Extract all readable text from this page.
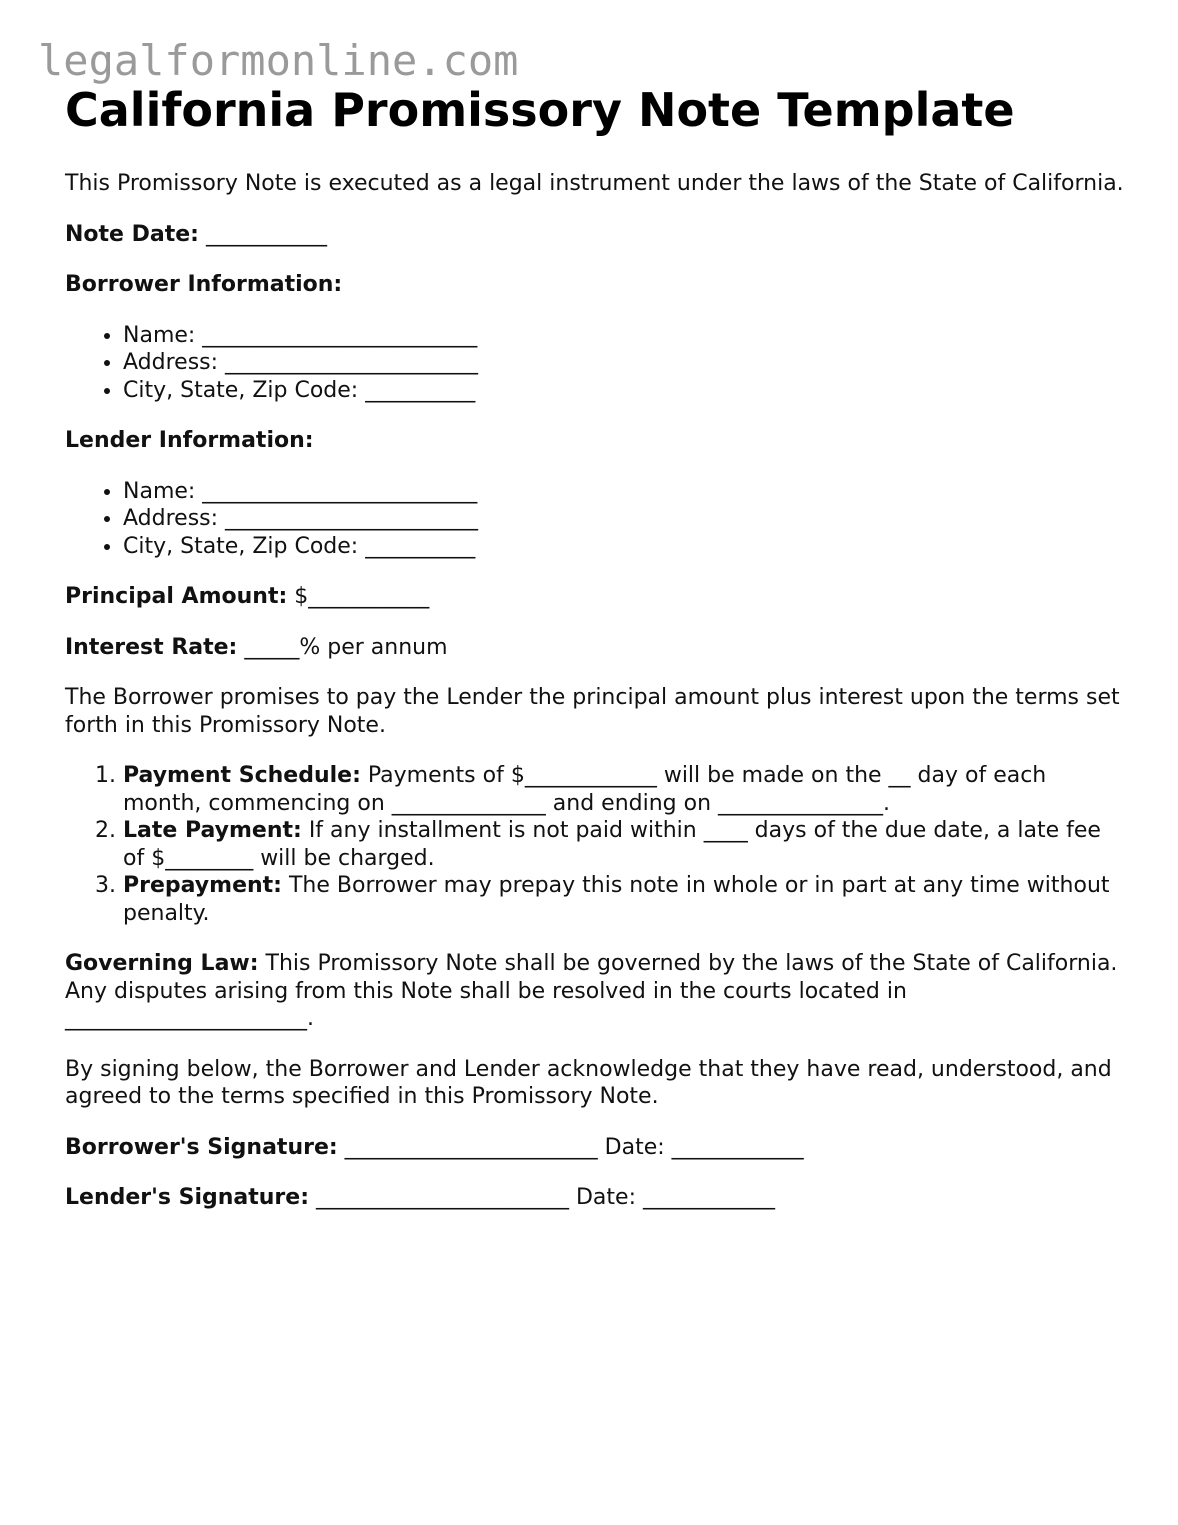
legalformonline.com
California Promissory Note Template

This Promissory Note is executed as a legal instrument under the laws of the State of California.

Note Date: ___________

Borrower Information:

• Name: _________________________
• Address: _______________________
• City, State, Zip Code: __________

Lender Information:

• Name: _________________________
• Address: _______________________
• City, State, Zip Code: __________

Principal Amount: $___________

Interest Rate: _____% per annum

The Borrower promises to pay the Lender the principal amount plus interest upon the terms set forth in this Promissory Note.

1. Payment Schedule: Payments of $____________ will be made on the __ day of each month, commencing on ______________ and ending on _______________.
2. Late Payment: If any installment is not paid within ____ days of the due date, a late fee of $________ will be charged.
3. Prepayment: The Borrower may prepay this note in whole or in part at any time without penalty.

Governing Law: This Promissory Note shall be governed by the laws of the State of California. Any disputes arising from this Note shall be resolved in the courts located in ______________________.

By signing below, the Borrower and Lender acknowledge that they have read, understood, and agreed to the terms specified in this Promissory Note.

Borrower's Signature: _______________________ Date: ____________

Lender's Signature: _______________________ Date: ____________
